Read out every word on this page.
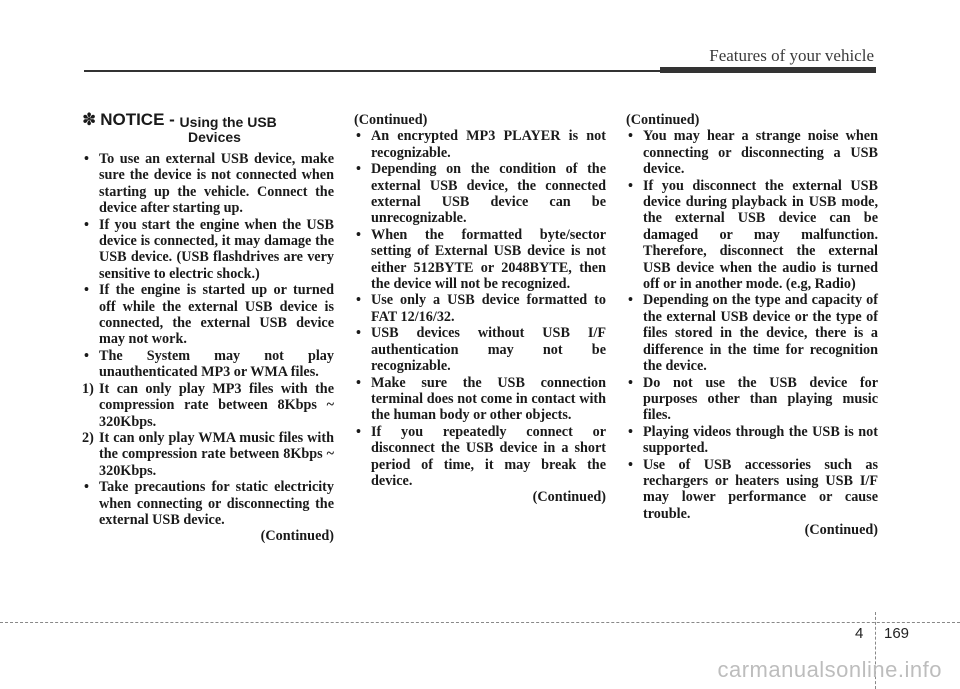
Features of your vehicle
✽ NOTICE - Using the USB
Devices
• To use an external USB device, make sure the device is not connected when starting up the vehicle. Connect the device after starting up.
• If you start the engine when the USB device is connected, it may damage the USB device. (USB flashdrives are very sensitive to electric shock.)
• If the engine is started up or turned off while the external USB device is connected, the external USB device may not work.
• The System may not play unauthenticated MP3 or WMA files.
1) It can only play MP3 files with the compression rate between 8Kbps ~ 320Kbps.
2) It can only play WMA music files with the compression rate between 8Kbps ~ 320Kbps.
• Take precautions for static electricity when connecting or disconnecting the external USB device.
(Continued)
(Continued)
• An encrypted MP3 PLAYER is not recognizable.
• Depending on the condition of the external USB device, the connected external USB device can be unrecognizable.
• When the formatted byte/sector setting of External USB device is not either 512BYTE or 2048BYTE, then the device will not be recognized.
• Use only a USB device formatted to FAT 12/16/32.
• USB devices without USB I/F authentication may not be recognizable.
• Make sure the USB connection terminal does not come in contact with the human body or other objects.
• If you repeatedly connect or disconnect the USB device in a short period of time, it may break the device.
(Continued)
(Continued)
• You may hear a strange noise when connecting or disconnecting a USB device.
• If you disconnect the external USB device during playback in USB mode, the external USB device can be damaged or may malfunction. Therefore, disconnect the external USB device when the audio is turned off or in another mode. (e.g, Radio)
• Depending on the type and capacity of the external USB device or the type of files stored in the device, there is a difference in the time for recognition the device.
• Do not use the USB device for purposes other than playing music files.
• Playing videos through the USB is not supported.
• Use of USB accessories such as rechargers or heaters using USB I/F may lower performance or cause trouble.
(Continued)
4 169
carmanualsonline.info
